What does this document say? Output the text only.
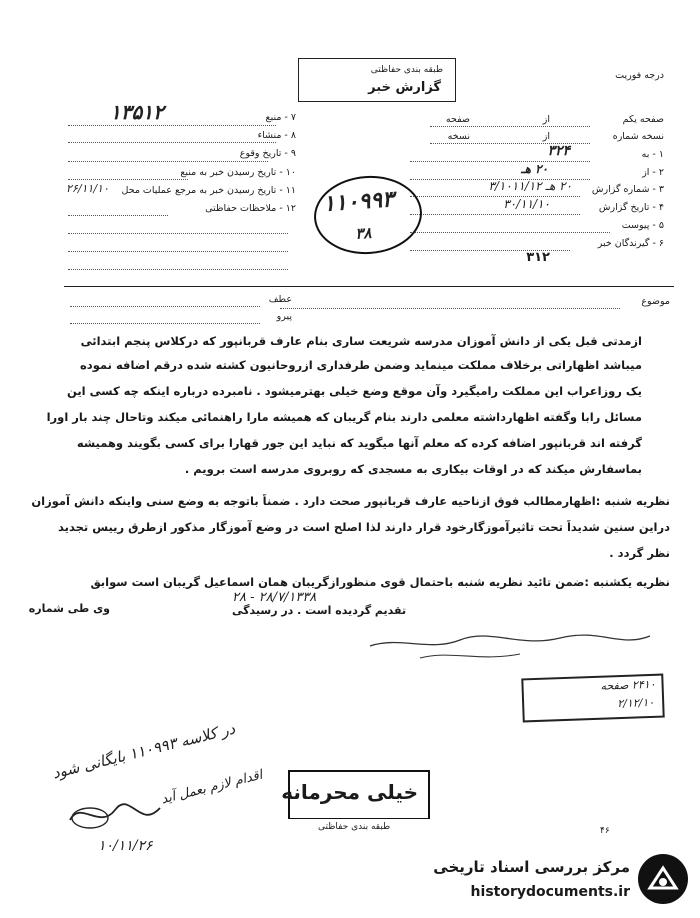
طبقه بندی حفاظتی
گزارش خبر
درجه فوریت
صفحه یکم
از
صفحه
نسخه شماره
از
نسخه
۱ - به
۳۲۴
۲ - از
۲۰ هـ
۳ - شماره گزارش
۲۰ هـ ۳/۱۰۱۱/۱۲
۴ - تاریخ گزارش
۳۰/۱۱/۱۰
۵ - پیوست
۶ - گیرندگان خبر
۳۱۲
۷ - منبع
۱۳۵۱۲
۸ - منشاء
۹ - تاریخ وقوع
۱۰ - تاریخ رسیدن خبر به منبع
۱۱ - تاریخ رسیدن خبر به مرجع عملیات محل
۲۶/۱۱/۱۰
۱۲ - ملاحظات حفاظتی ۱۱۰۹۹۳
۳۸
موضوع
عطف
پیرو
ازمدتی قبل یکی از دانش آموزان مدرسه شریعت ساری بنام عارف قربانپور که درکلاس پنجم ابتدائی
میباشد اظهاراتی برخلاف مملکت مینماید وضمن طرفداری ازروحانیون کشته شده درقم اضافه نموده
یک روزاعراب این مملکت رامیگیرد وآن موقع وضع خیلی بهترمیشود . نامبرده درباره اینکه چه کسی این
مسائل رابا وگفته اظهارداشته معلمی دارند بنام گریبان که همیشه مارا راهنمائی میکند وتاحال چند بار اورا
گرفته اند قربانپور اضافه کرده که معلم آنها میگوید که نباید این جور قهارا برای کسی بگویند وهمیشه
بماسفارش میکند که در اوقات بیکاری به مسجدی که روبروی مدرسه است برویم .
نظریه شنبه :اظهارمطالب فوق ازناحیه عارف قربانپور صحت دارد . ضمناً باتوجه به وضع سنی واینکه دانش آموزان
دراین سنین شدیداً تحت تاثیرآموزگارخود قرار دارند لذا اصلح است در وضع آموزگار مذکور ازطرق رییس تجدید
نظر گردد .
نظریه یکشنبه :ضمن تائید نظریه شنبه باحتمال قوی منظورازگریبان همان اسماعیل گریبان است سوابق
وی طی شماره
۲۸/۷/۱۳۳۸ - ۲۸
تقدیم گردیده است . در رسیدگی
۲۴۱۰ صفحه
۲/۱۲/۱۰
در کلاسه ۱۱۰۹۹۳ بایگانی شود
اقدام لازم بعمل آید
۱۰/۱۱/۲۶
خیلی محرمانه
طبقه بندی حفاظتی	۴۶
مرکز بررسی اسناد تاریخی
historydocuments.ir
